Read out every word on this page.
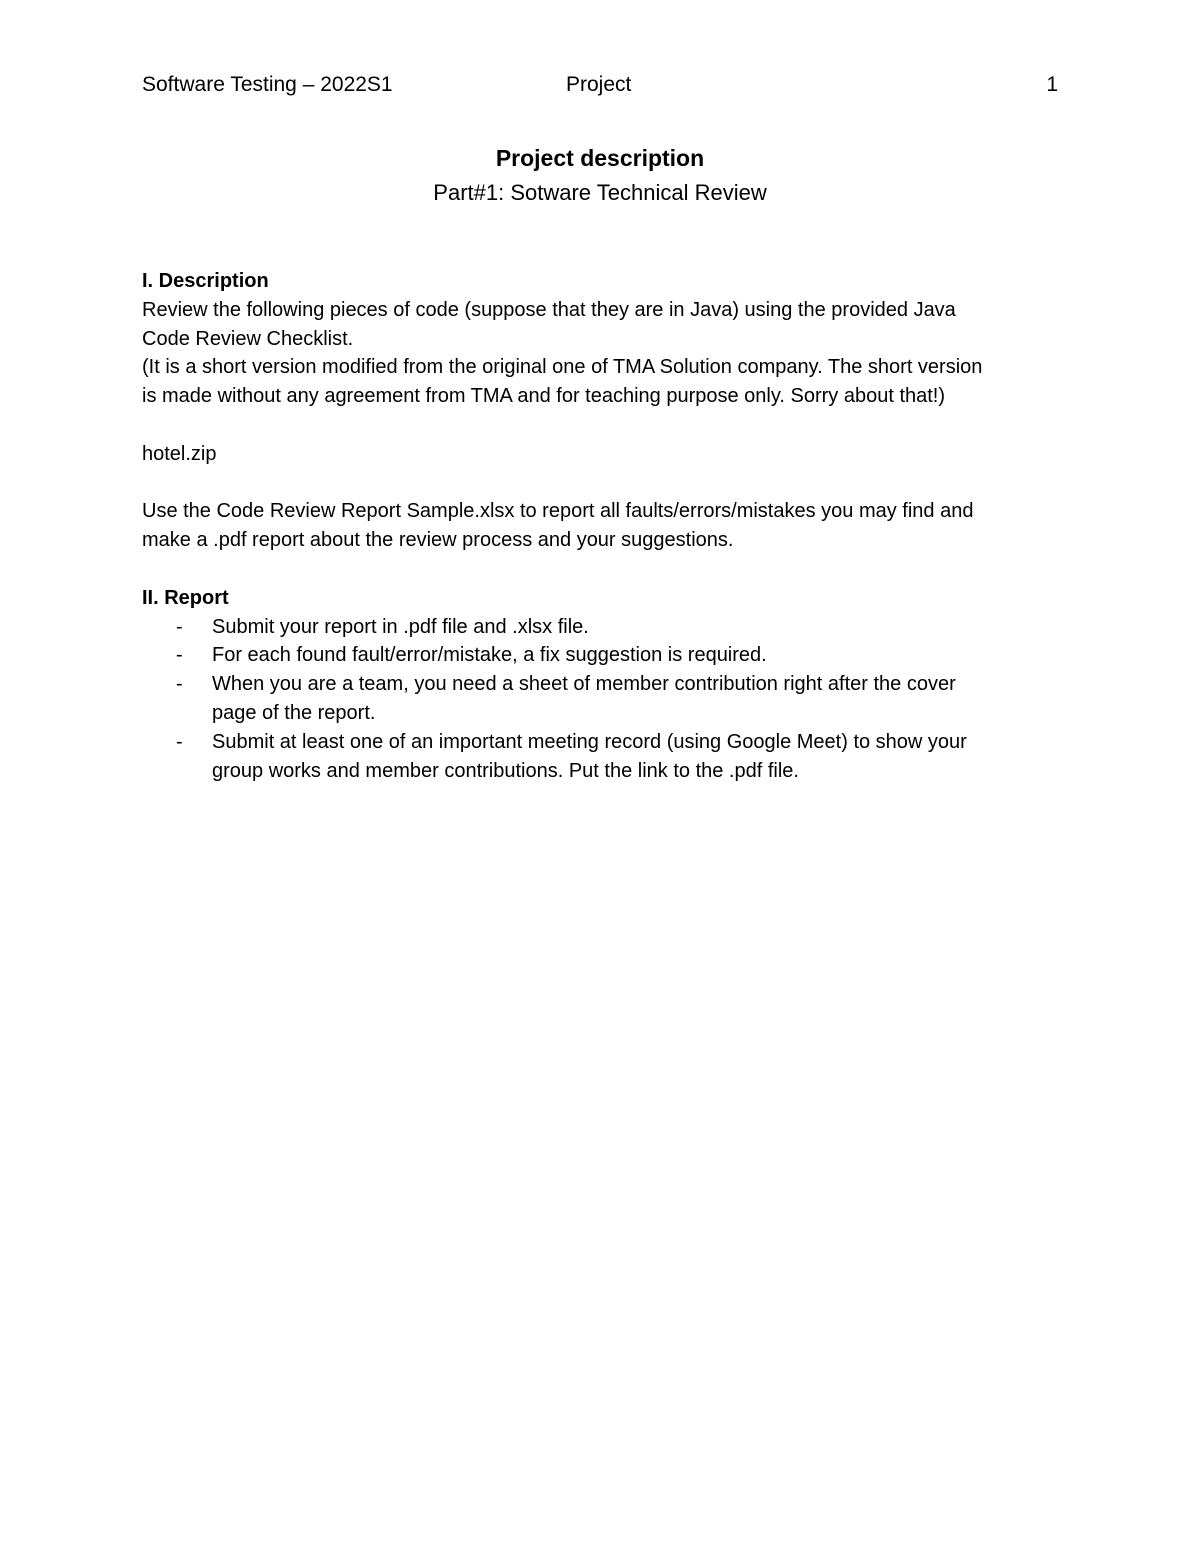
Software Testing – 2022S1	Project	1
Project description
Part#1: Sotware Technical Review

I. Description

Review the following pieces of code (suppose that they are in Java) using the provided Java

Code Review Checklist.

(It is a short version modified from the original one of TMA Solution company. The short version

is made without any agreement from TMA and for teaching purpose only. Sorry about that!)

hotel.zip

Use the Code Review Report Sample.xlsx to report all faults/errors/mistakes you may find and

make a .pdf report about the review process and your suggestions.

II. Report

- Submit your report in .pdf file and .xlsx file.
- For each found fault/error/mistake, a fix suggestion is required.
- When you are a team, you need a sheet of member contribution right after the cover
page of the report.
- Submit at least one of an important meeting record (using Google Meet) to show your
group works and member contributions. Put the link to the .pdf file.
